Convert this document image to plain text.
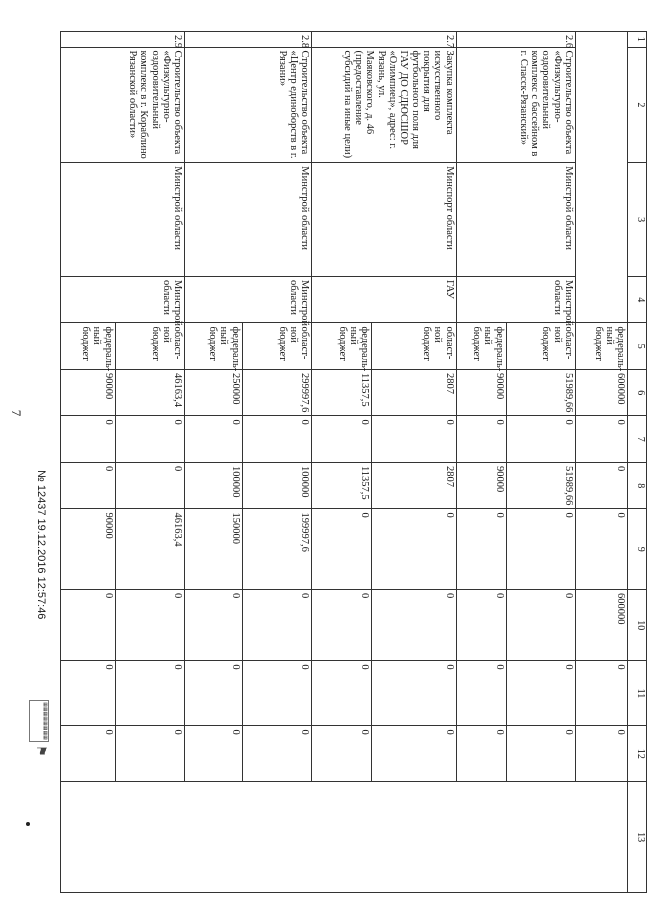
7
1	2	3	4	5	6	7	8	9	10	11	12	13
				федераль-
ный
бюджет	600000	0	0	0	600000	0	0	
2.6	Строительство объекта «Физкультурно-оздоровительный комплекс с бассейном в г. Спасск-Рязанский»	Минстрой области	Минстрой области	област-
ной
бюджет	51989,66	0	51989,66	0	0	0	0	
				федераль-
ный
бюджет	90000	0	90000	0	0	0	0	
2.7	Закупка комплекта искусственного покрытия для футбольного поля для ГАУ ДО СДЮСШОР «Олимпиец», адрес: г. Рязань, ул. Маяковского, д. 46 (предоставление субсидий на иные цели)	Минспорт области	ГАУ	област-
ной
бюджет	2807	0	2807	0	0	0	0	
				федераль-
ный
бюджет	11357,5	0	11357,5	0	0	0	0	
2.8	Строительство объекта «Центр единоборств в г. Рязани»	Минстрой области	Минстрой области	област-
ной
бюджет	299997,6	0	100000	199997,6	0	0	0	
				федераль-
ный
бюджет	250000	0	100000	150000	0	0	0	
2.9	Строительство объекта «Физкультурно-оздоровительный комплекс в г. Кораблино Рязанской области»	Минстрой области	Минстрой области	област-
ной
бюджет	46163,4	0	0	46163,4	0	0	0	
				федераль-
ный
бюджет	90000	0	0	90000	0	0	0	
▦▦▦▦▦▦▦▦
⚑
№ 12437 19.12.2016 12:57:46
